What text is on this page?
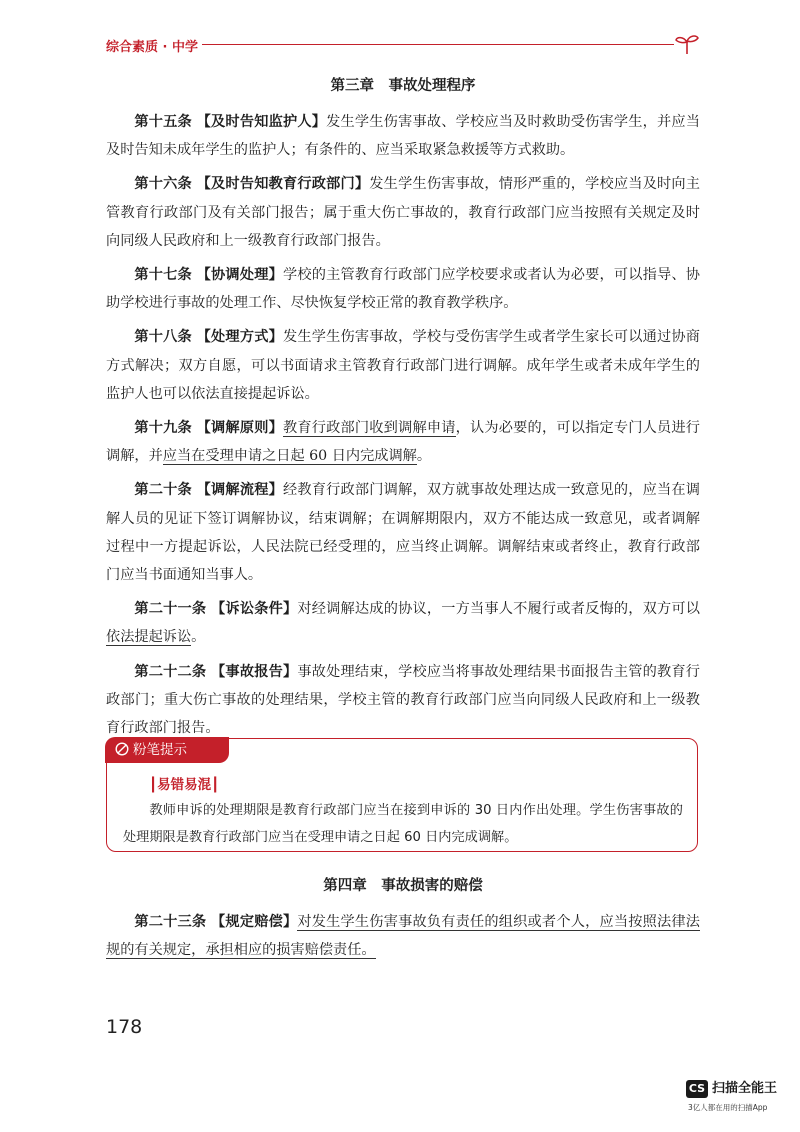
综合素质 · 中学
第三章　事故处理程序

第十五条 【及时告知监护人】发生学生伤害事故、学校应当及时救助受伤害学生，并应当及时告知未成年学生的监护人；有条件的、应当采取紧急救援等方式救助。

第十六条 【及时告知教育行政部门】发生学生伤害事故，情形严重的，学校应当及时向主管教育行政部门及有关部门报告；属于重大伤亡事故的，教育行政部门应当按照有关规定及时向同级人民政府和上一级教育行政部门报告。

第十七条 【协调处理】学校的主管教育行政部门应学校要求或者认为必要，可以指导、协助学校进行事故的处理工作、尽快恢复学校正常的教育教学秩序。

第十八条 【处理方式】发生学生伤害事故，学校与受伤害学生或者学生家长可以通过协商方式解决；双方自愿，可以书面请求主管教育行政部门进行调解。成年学生或者未成年学生的监护人也可以依法直接提起诉讼。

第十九条 【调解原则】教育行政部门收到调解申请，认为必要的，可以指定专门人员进行调解，并应当在受理申请之日起 60 日内完成调解。

第二十条 【调解流程】经教育行政部门调解，双方就事故处理达成一致意见的，应当在调解人员的见证下签订调解协议，结束调解；在调解期限内，双方不能达成一致意见，或者调解过程中一方提起诉讼，人民法院已经受理的，应当终止调解。调解结束或者终止，教育行政部门应当书面通知当事人。

第二十一条 【诉讼条件】对经调解达成的协议，一方当事人不履行或者反悔的，双方可以依法提起诉讼。

第二十二条 【事故报告】事故处理结束，学校应当将事故处理结果书面报告主管的教育行政部门；重大伤亡事故的处理结果，学校主管的教育行政部门应当向同级人民政府和上一级教育行政部门报告。

粉笔提示
┃易错易混┃
教师申诉的处理期限是教育行政部门应当在接到申诉的 30 日内作出处理。学生伤害事故的处理期限是教育行政部门应当在受理申请之日起 60 日内完成调解。
第四章　事故损害的赔偿

第二十三条 【规定赔偿】对发生学生伤害事故负有责任的组织或者个人，应当按照法律法规的有关规定，承担相应的损害赔偿责任。

178
CS 扫描全能王
3亿人都在用的扫描App
